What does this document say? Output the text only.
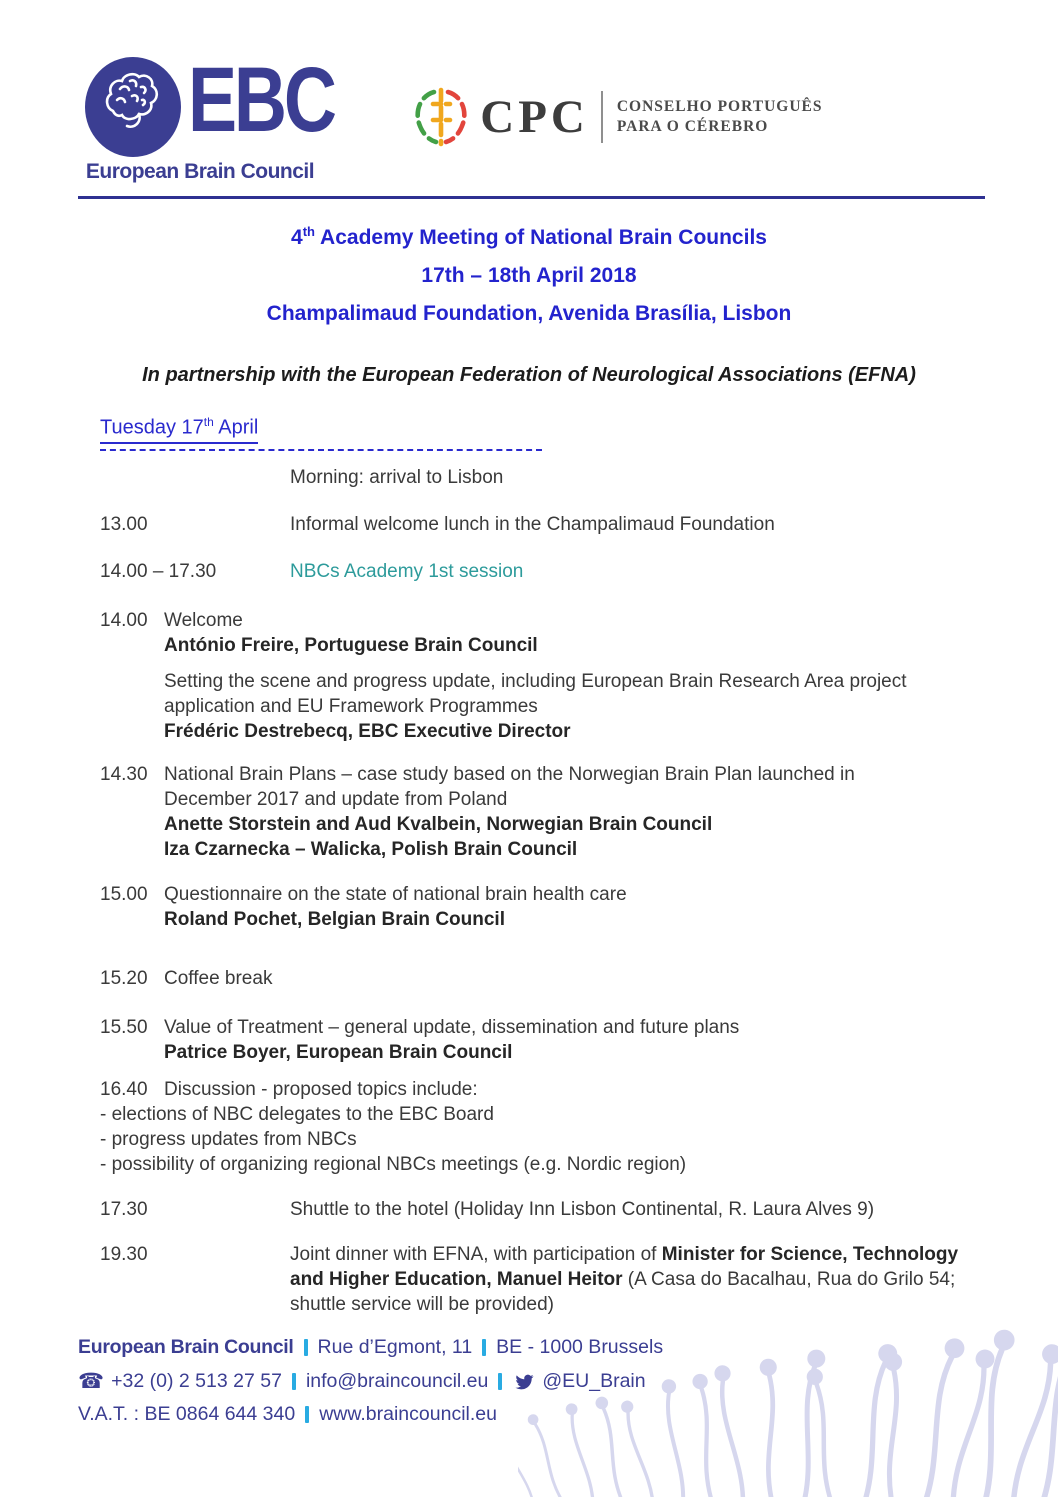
EBC
European Brain Council
CPC CONSELHO PORTUGUÊS
PARA O CÉREBRO
4th Academy Meeting of National Brain Councils
17th – 18th April 2018
Champalimaud Foundation, Avenida Brasília, Lisbon

In partnership with the European Federation of Neurological Associations (EFNA)

Tuesday 17th April
Morning: arrival to Lisbon
13.00	Informal welcome lunch in the Champalimaud Foundation
14.00 – 17.30	NBCs Academy 1st session
14.00 Welcome
António Freire, Portuguese Brain Council
Setting the scene and progress update, including European Brain Research Area project application and EU Framework Programmes
Frédéric Destrebecq, EBC Executive Director
14.30 National Brain Plans – case study based on the Norwegian Brain Plan launched in December 2017 and update from Poland
Anette Storstein and Aud Kvalbein, Norwegian Brain Council
Iza Czarnecka – Walicka, Polish Brain Council
15.00 Questionnaire on the state of national brain health care
Roland Pochet, Belgian Brain Council
15.20 Coffee break
15.50 Value of Treatment – general update, dissemination and future plans
Patrice Boyer, European Brain Council
16.40 Discussion - proposed topics include:
- elections of NBC delegates to the EBC Board
- progress updates from NBCs
- possibility of organizing regional NBCs meetings (e.g. Nordic region)
17.30	Shuttle to the hotel (Holiday Inn Lisbon Continental, R. Laura Alves 9)
19.30	Joint dinner with EFNA, with participation of Minister for Science, Technology and Higher Education, Manuel Heitor (A Casa do Bacalhau, Rua do Grilo 54; shuttle service will be provided)
European Brain Council Rue d’Egmont, 11 BE - 1000 Brussels
☎ +32 (0) 2 513 27 57 info@braincouncil.eu	@EU_Brain
V.A.T. : BE 0864 644 340 www.braincouncil.eu
